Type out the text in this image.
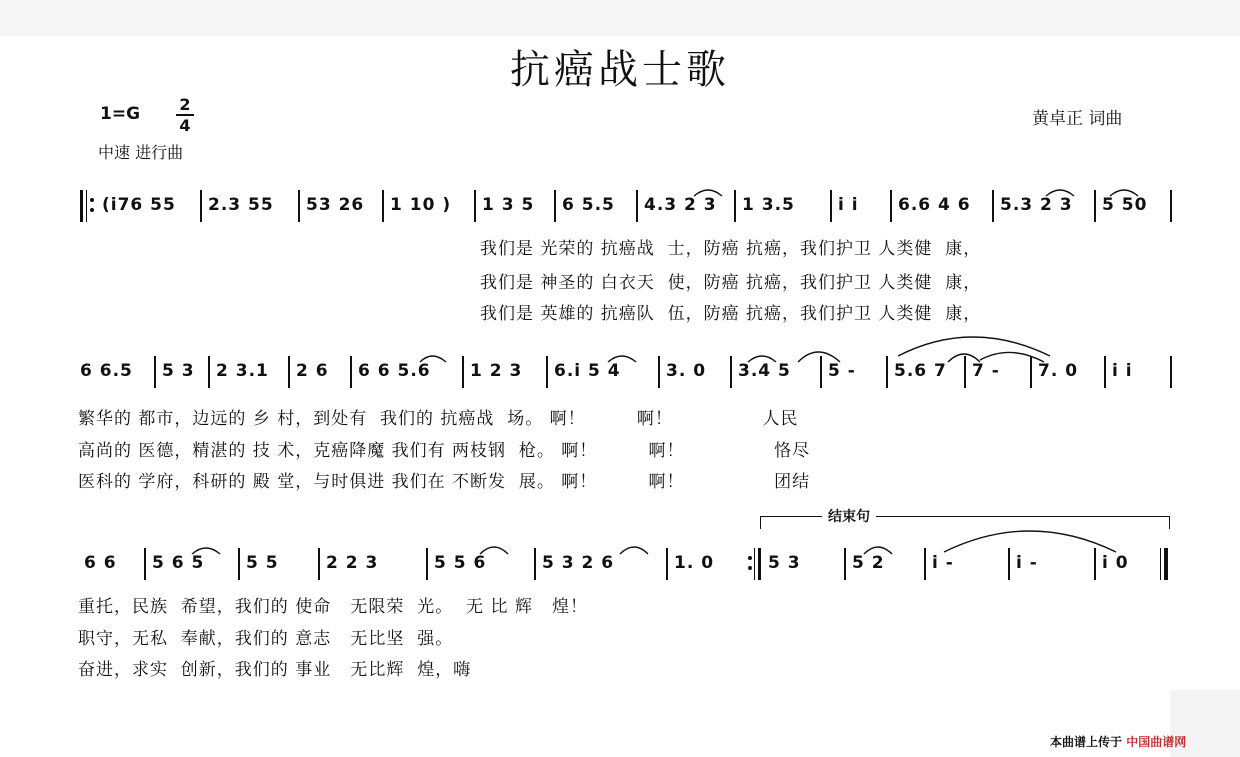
抗癌战士歌
1=G	2
4
中速 进行曲
黄卓正 词曲
(i76 55 2.3 55 53 26 1 10 ) 1 3 5 6 5.5 4.3 2 3 1 3.5	i i 6.6 4 6 5.3 2 3 5 50
我们是 光荣的 抗癌战  士，防癌 抗癌，我们护卫 人类健  康，
我们是 神圣的 白衣天  使，防癌 抗癌，我们护卫 人类健  康，
我们是 英雄的 抗癌队  伍，防癌 抗癌，我们护卫 人类健  康，
6 6.5 5 3 2 3.1 2 6 6 6 5.6 1 2 3 6.i 5 4	3. 0 3.4 5 5 - 5.6 7 7 - 7. 0 i i
繁华的 都市，边远的 乡 村，到处有  我们的 抗癌战  场。 啊！        啊！              人民
高尚的 医德，精湛的 技 术，克癌降魔 我们有 两枝钢  枪。 啊！        啊！              恪尽
医科的 学府，科研的 殿 堂，与时俱进 我们在 不断发  展。 啊！        啊！              团结
结束句
6 6 5 6 5 5 5	2 2 3	5 5 6	5 3 2 6	1. 0	5 3	5 2	i -	i -	i 0
重托，民族  希望，我们的 使命   无限荣  光。  无 比 辉   煌！
职守，无私  奉献，我们的 意志   无比坚  强。
奋进，求实  创新，我们的 事业   无比辉  煌，嗨
本曲谱上传于 中国曲谱网
